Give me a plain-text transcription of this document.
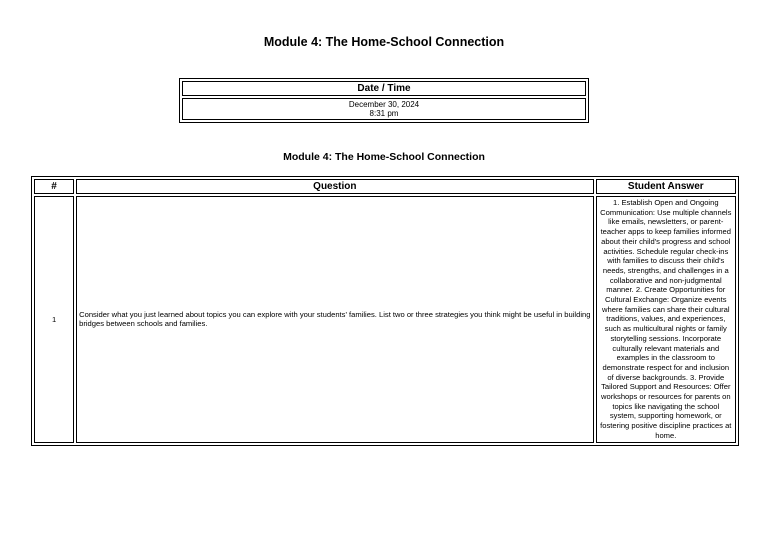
Module 4: The Home-School Connection
Date / Time

December 30, 2024
8:31 pm
Module 4: The Home-School Connection
#	Question	Student Answer
1	Consider what you just learned about topics you can explore with your students' families. List two or three strategies you think might be useful in building bridges between schools and families.	1. Establish Open and Ongoing Communication: Use multiple channels like emails, newsletters, or parent-teacher apps to keep families informed about their child's progress and school activities. Schedule regular check-ins with families to discuss their child's needs, strengths, and challenges in a collaborative and non-judgmental manner. 2. Create Opportunities for Cultural Exchange: Organize events where families can share their cultural traditions, values, and experiences, such as multicultural nights or family storytelling sessions. Incorporate culturally relevant materials and examples in the classroom to demonstrate respect for and inclusion of diverse backgrounds. 3. Provide Tailored Support and Resources: Offer workshops or resources for parents on topics like navigating the school system, supporting homework, or fostering positive discipline practices at home.
